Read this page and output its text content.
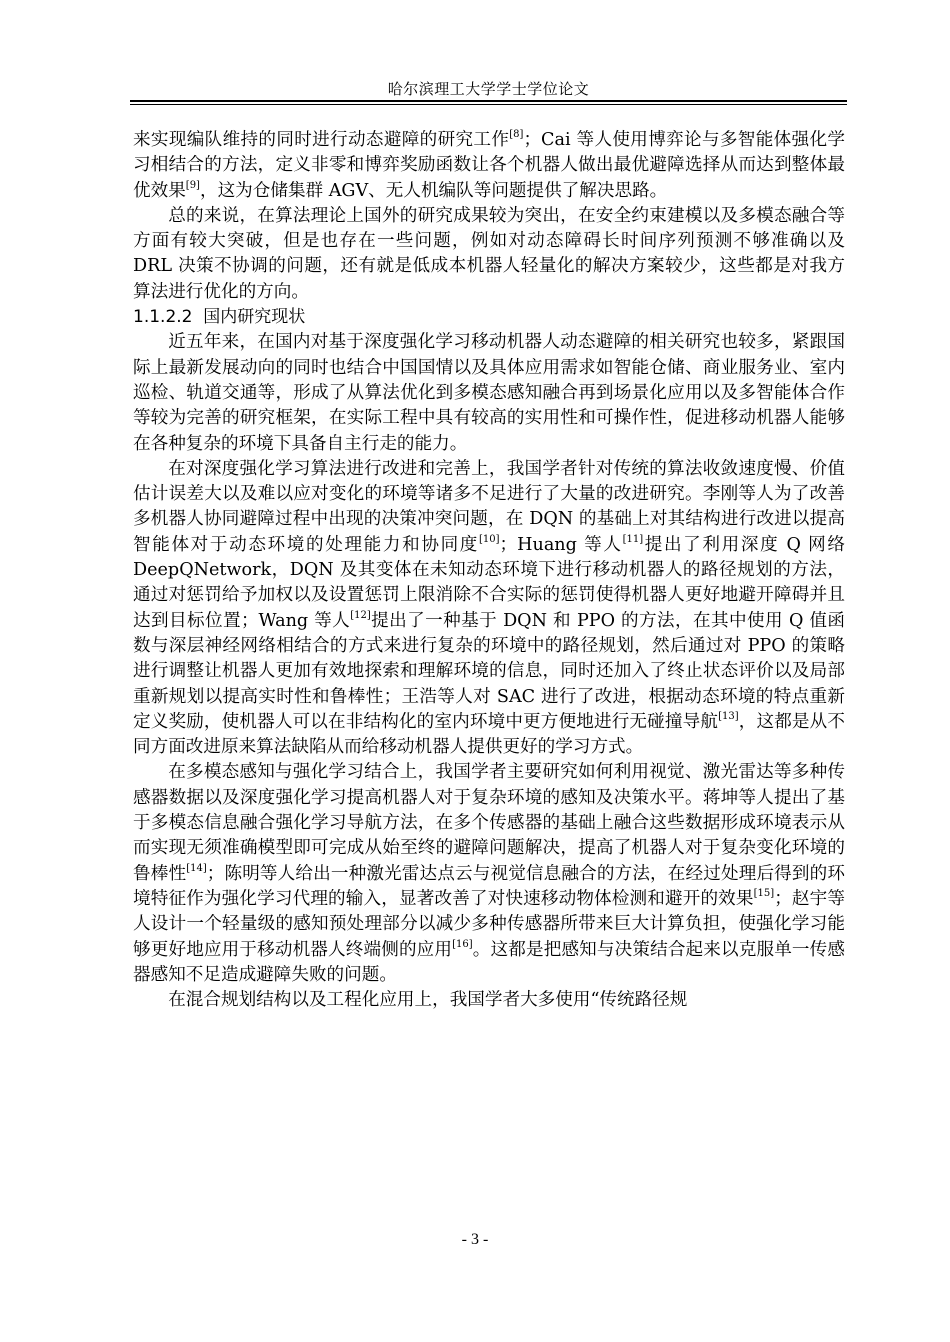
哈尔滨理工大学学士学位论文

来实现编队维持的同时进行动态避障的研究工作[8]；Cai 等人使用博弈论与多智能体强化学习相结合的方法，定义非零和博弈奖励函数让各个机器人做出最优避障选择从而达到整体最优效果[9]，这为仓储集群 AGV、无人机编队等问题提供了解决思路。

总的来说，在算法理论上国外的研究成果较为突出，在安全约束建模以及多模态融合等方面有较大突破，但是也存在一些问题，例如对动态障碍长时间序列预测不够准确以及 DRL 决策不协调的问题，还有就是低成本机器人轻量化的解决方案较少，这些都是对我方算法进行优化的方向。

1.1.2.2 国内研究现状

近五年来，在国内对基于深度强化学习移动机器人动态避障的相关研究也较多，紧跟国际上最新发展动向的同时也结合中国国情以及具体应用需求如智能仓储、商业服务业、室内巡检、轨道交通等，形成了从算法优化到多模态感知融合再到场景化应用以及多智能体合作等较为完善的研究框架，在实际工程中具有较高的实用性和可操作性，促进移动机器人能够在各种复杂的环境下具备自主行走的能力。

在对深度强化学习算法进行改进和完善上，我国学者针对传统的算法收敛速度慢、价值估计误差大以及难以应对变化的环境等诸多不足进行了大量的改进研究。李刚等人为了改善多机器人协同避障过程中出现的决策冲突问题，在 DQN 的基础上对其结构进行改进以提高智能体对于动态环境的处理能力和协同度[10]；Huang 等人[11]提出了利用深度 Q 网络 DeepQNetwork，DQN 及其变体在未知动态环境下进行移动机器人的路径规划的方法，通过对惩罚给予加权以及设置惩罚上限消除不合实际的惩罚使得机器人更好地避开障碍并且达到目标位置；Wang 等人[12]提出了一种基于 DQN 和 PPO 的方法，在其中使用 Q 值函数与深层神经网络相结合的方式来进行复杂的环境中的路径规划，然后通过对 PPO 的策略进行调整让机器人更加有效地探索和理解环境的信息，同时还加入了终止状态评价以及局部重新规划以提高实时性和鲁棒性；王浩等人对 SAC 进行了改进，根据动态环境的特点重新定义奖励，使机器人可以在非结构化的室内环境中更方便地进行无碰撞导航[13]，这都是从不同方面改进原来算法缺陷从而给移动机器人提供更好的学习方式。

在多模态感知与强化学习结合上，我国学者主要研究如何利用视觉、激光雷达等多种传感器数据以及深度强化学习提高机器人对于复杂环境的感知及决策水平。蒋坤等人提出了基于多模态信息融合强化学习导航方法，在多个传感器的基础上融合这些数据形成环境表示从而实现无须准确模型即可完成从始至终的避障问题解决，提高了机器人对于复杂变化环境的鲁棒性[14]；陈明等人给出一种激光雷达点云与视觉信息融合的方法，在经过处理后得到的环境特征作为强化学习代理的输入，显著改善了对快速移动物体检测和避开的效果[15]；赵宇等人设计一个轻量级的感知预处理部分以减少多种传感器所带来巨大计算负担，使强化学习能够更好地应用于移动机器人终端侧的应用[16]。这都是把感知与决策结合起来以克服单一传感器感知不足造成避障失败的问题。

在混合规划结构以及工程化应用上，我国学者大多使用“传统路径规

- 3 -
